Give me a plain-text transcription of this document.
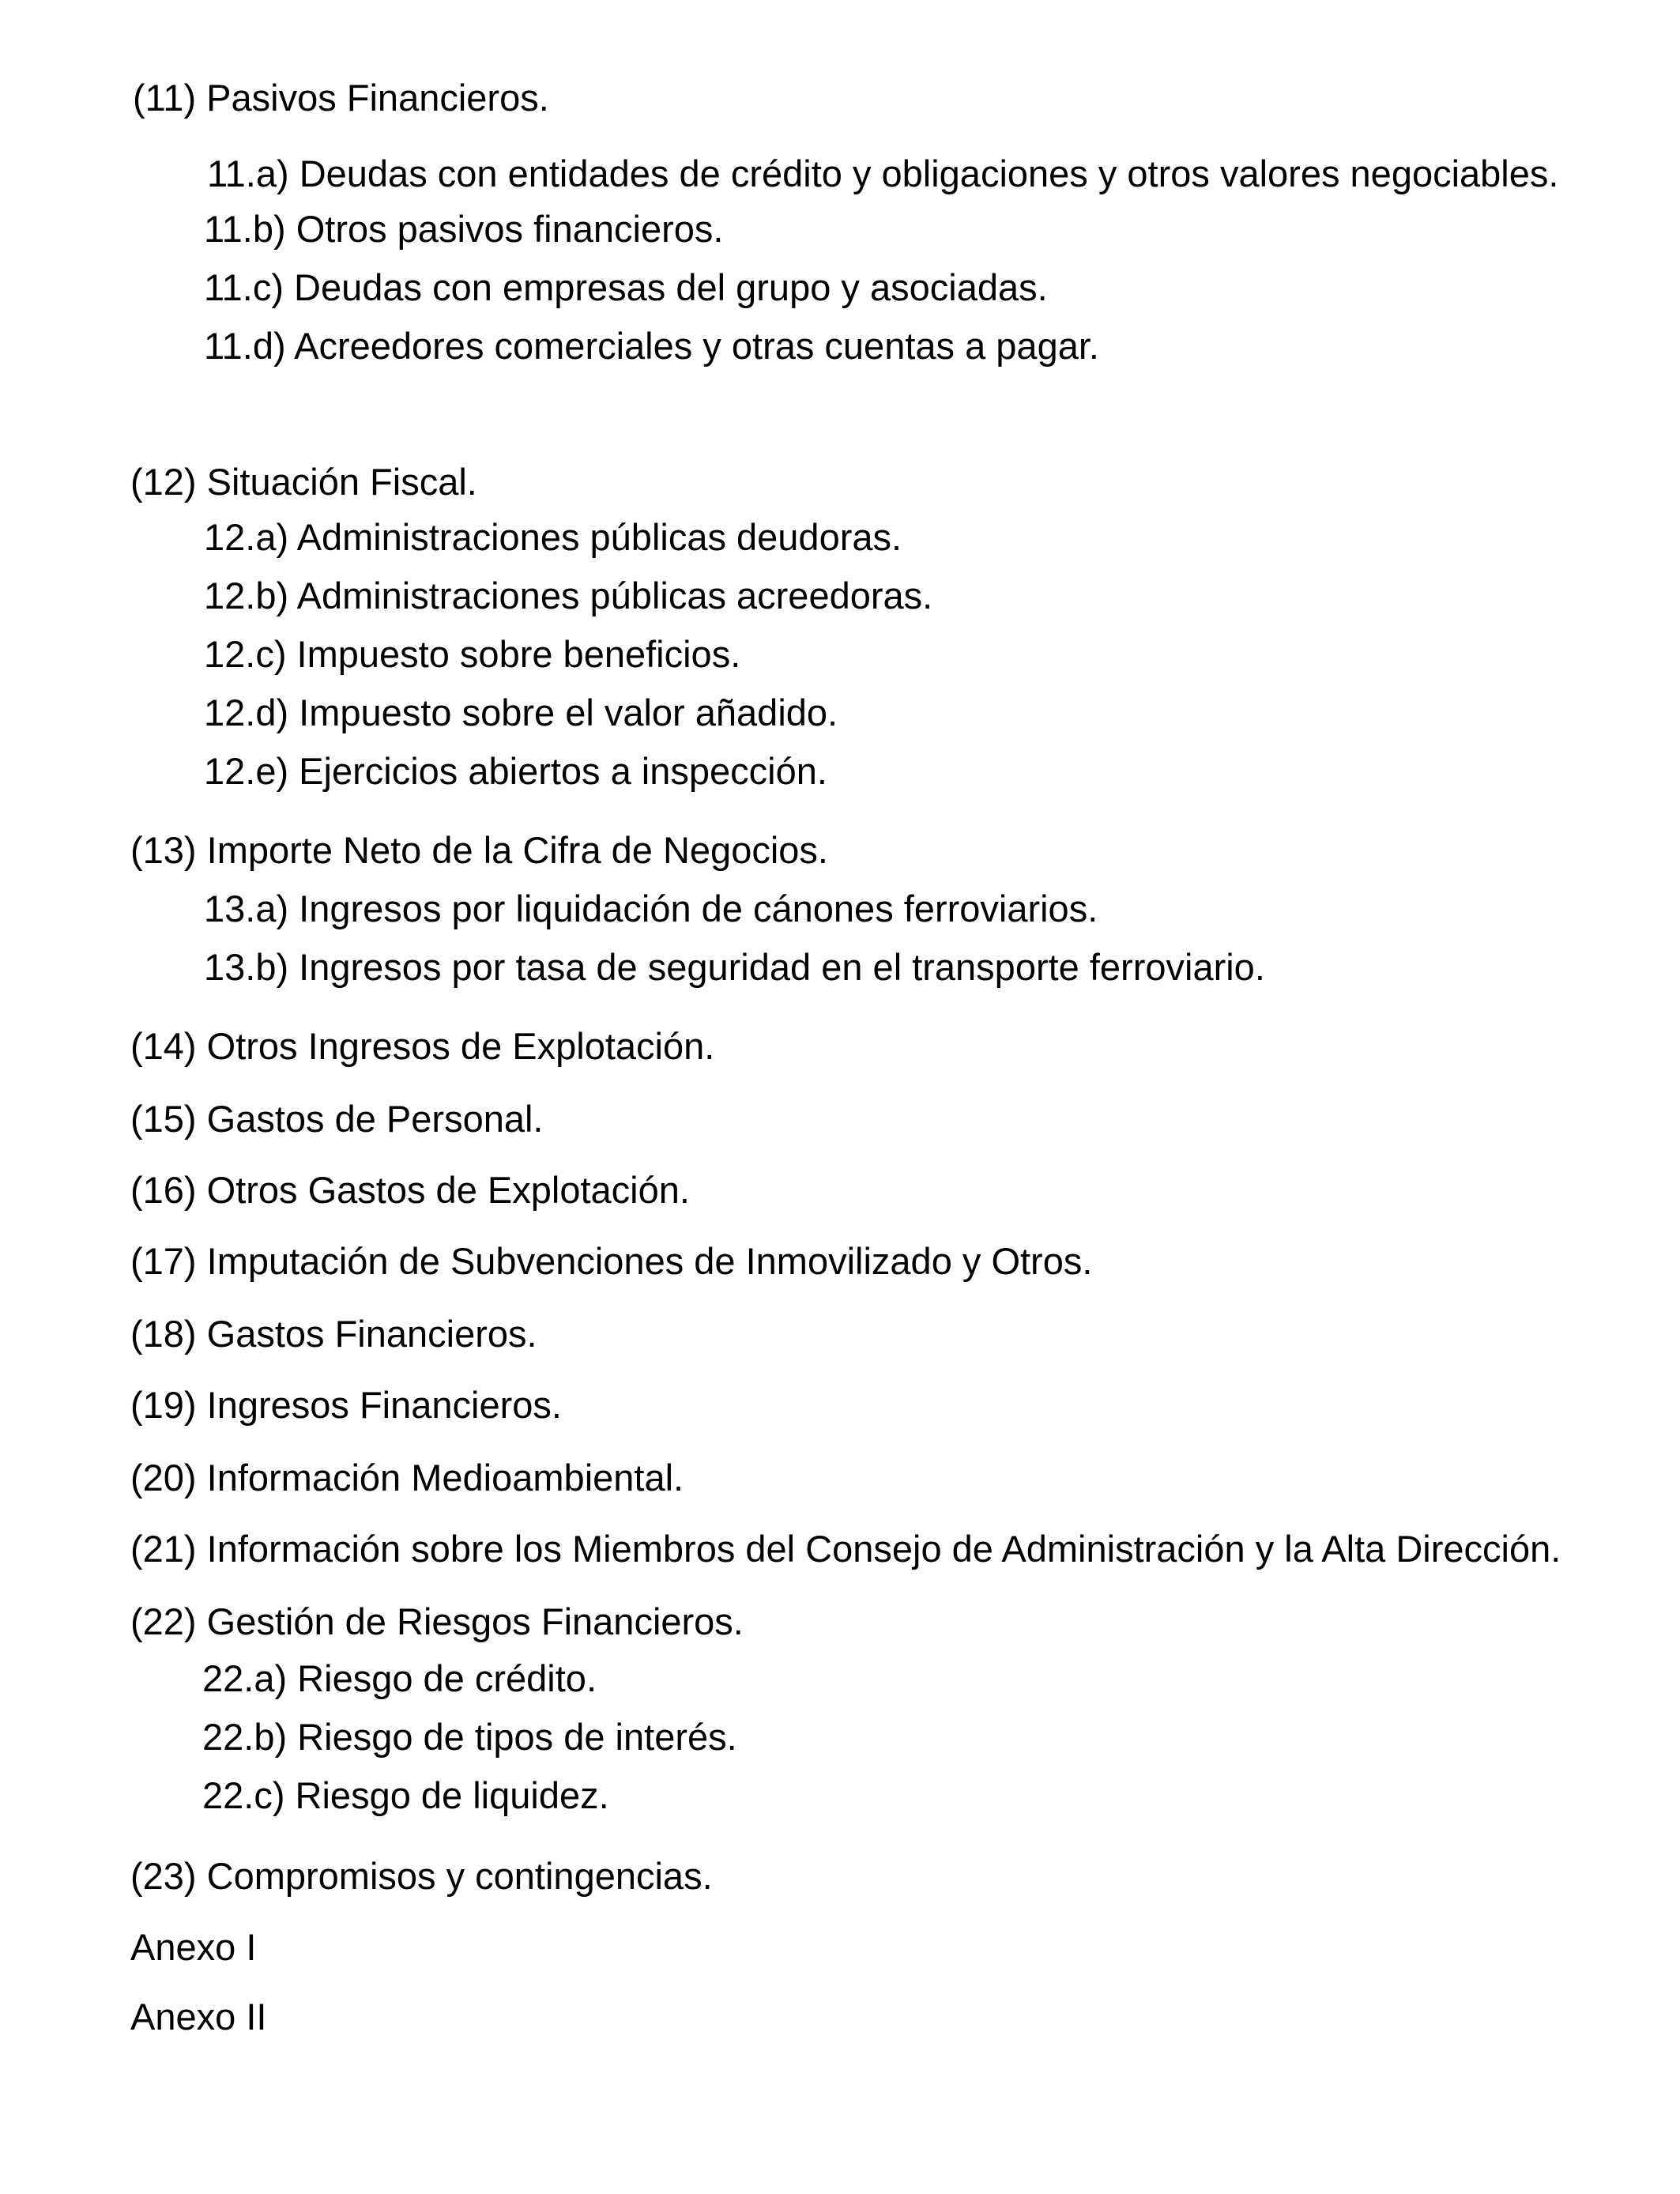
(11) Pasivos Financieros.
11.a) Deudas con entidades de crédito y obligaciones y otros valores negociables.
11.b) Otros pasivos financieros.
11.c) Deudas con empresas del grupo y asociadas.
11.d) Acreedores comerciales y otras cuentas a pagar.
(12) Situación Fiscal.
12.a) Administraciones públicas deudoras.
12.b) Administraciones públicas acreedoras.
12.c) Impuesto sobre beneficios.
12.d) Impuesto sobre el valor añadido.
12.e) Ejercicios abiertos a inspección.
(13) Importe Neto de la Cifra de Negocios.
13.a) Ingresos por liquidación de cánones ferroviarios.
13.b) Ingresos por tasa de seguridad en el transporte ferroviario.
(14) Otros Ingresos de Explotación.
(15) Gastos de Personal.
(16) Otros Gastos de Explotación.
(17) Imputación de Subvenciones de Inmovilizado y Otros.
(18) Gastos Financieros.
(19) Ingresos Financieros.
(20) Información Medioambiental.
(21) Información sobre los Miembros del Consejo de Administración y la Alta Dirección.
(22) Gestión de Riesgos Financieros.
22.a) Riesgo de crédito.
22.b) Riesgo de tipos de interés.
22.c) Riesgo de liquidez.
(23) Compromisos y contingencias.
Anexo I
Anexo II
